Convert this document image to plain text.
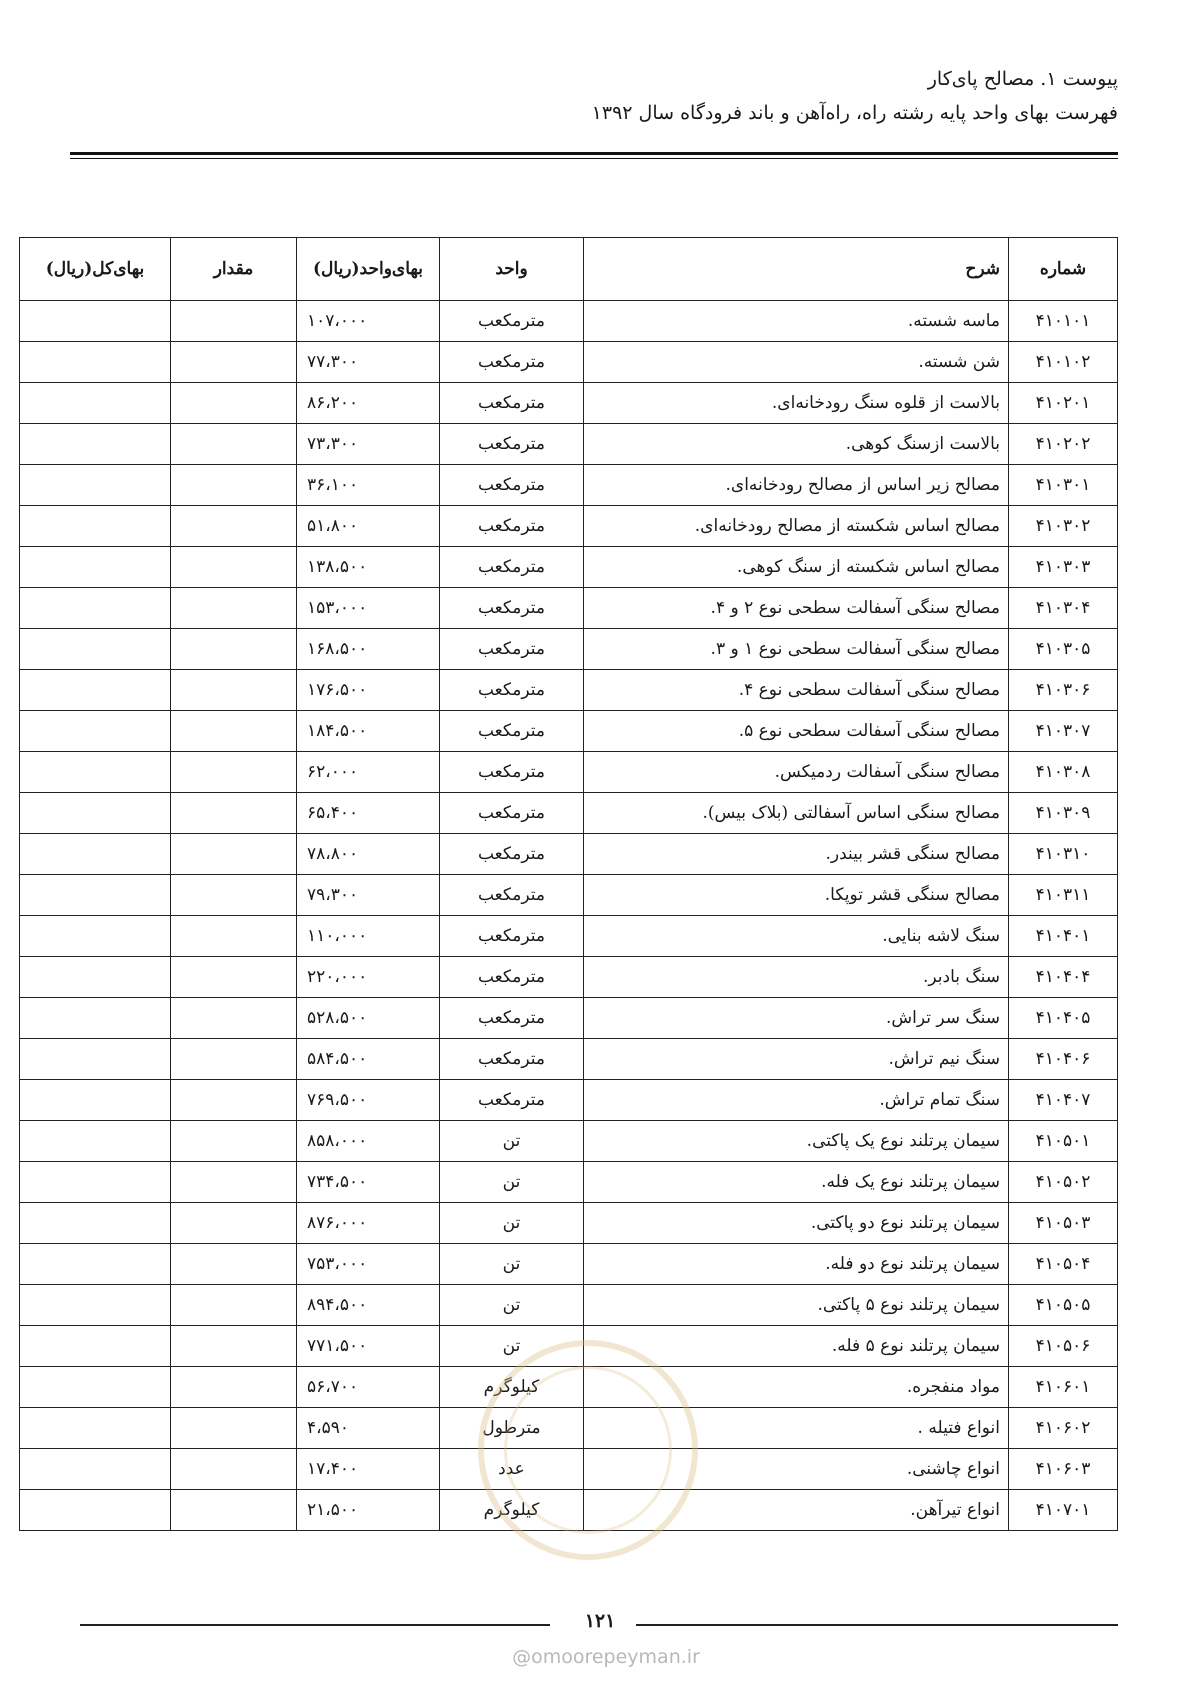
پیوست ۱. مصالح پای‌کار
فهرست بهای واحد پایه رشته راه، راه‌آهن و باند فرودگاه سال ۱۳۹۲
شماره	شرح	واحد	بهای‌واحد(ریال)	مقدار	بهای‌کل(ریال)
۴۱۰۱۰۱	ماسه شسته.	مترمکعب	۱۰۷،۰۰۰		
۴۱۰۱۰۲	شن شسته.	مترمکعب	۷۷،۳۰۰		
۴۱۰۲۰۱	بالاست از قلوه سنگ رودخانه‌ای.	مترمکعب	۸۶،۲۰۰		
۴۱۰۲۰۲	بالاست ازسنگ کوهی.	مترمکعب	۷۳،۳۰۰		
۴۱۰۳۰۱	مصالح زیر اساس از مصالح رودخانه‌ای.	مترمکعب	۳۶،۱۰۰		
۴۱۰۳۰۲	مصالح اساس شکسته از مصالح رودخانه‌ای.	مترمکعب	۵۱،۸۰۰		
۴۱۰۳۰۳	مصالح اساس شکسته از سنگ کوهی.	مترمکعب	۱۳۸،۵۰۰		
۴۱۰۳۰۴	مصالح سنگی آسفالت سطحی نوع ۲ و ۴.	مترمکعب	۱۵۳،۰۰۰		
۴۱۰۳۰۵	مصالح سنگی آسفالت سطحی نوع ۱ و ۳.	مترمکعب	۱۶۸،۵۰۰		
۴۱۰۳۰۶	مصالح سنگی آسفالت سطحی نوع ۴.	مترمکعب	۱۷۶،۵۰۰		
۴۱۰۳۰۷	مصالح سنگی آسفالت سطحی نوع ۵.	مترمکعب	۱۸۴،۵۰۰		
۴۱۰۳۰۸	مصالح سنگی آسفالت ردمیکس.	مترمکعب	۶۲،۰۰۰		
۴۱۰۳۰۹	مصالح سنگی اساس آسفالتی (بلاک بیس).	مترمکعب	۶۵،۴۰۰		
۴۱۰۳۱۰	مصالح سنگی قشر بیندر.	مترمکعب	۷۸،۸۰۰		
۴۱۰۳۱۱	مصالح سنگی قشر توپکا.	مترمکعب	۷۹،۳۰۰		
۴۱۰۴۰۱	سنگ لاشه بنایی.	مترمکعب	۱۱۰،۰۰۰		
۴۱۰۴۰۴	سنگ بادبر.	مترمکعب	۲۲۰،۰۰۰		
۴۱۰۴۰۵	سنگ سر تراش.	مترمکعب	۵۲۸،۵۰۰		
۴۱۰۴۰۶	سنگ نیم تراش.	مترمکعب	۵۸۴،۵۰۰		
۴۱۰۴۰۷	سنگ تمام تراش.	مترمکعب	۷۶۹،۵۰۰		
۴۱۰۵۰۱	سیمان پرتلند نوع یک پاکتی.	تن	۸۵۸،۰۰۰		
۴۱۰۵۰۲	سیمان پرتلند نوع یک فله.	تن	۷۳۴،۵۰۰		
۴۱۰۵۰۳	سیمان پرتلند نوع دو پاکتی.	تن	۸۷۶،۰۰۰		
۴۱۰۵۰۴	سیمان پرتلند نوع دو فله.	تن	۷۵۳،۰۰۰		
۴۱۰۵۰۵	سیمان پرتلند نوع ۵ پاکتی.	تن	۸۹۴،۵۰۰		
۴۱۰۵۰۶	سیمان پرتلند نوع ۵ فله.	تن	۷۷۱،۵۰۰		
۴۱۰۶۰۱	مواد منفجره.	کیلوگرم	۵۶،۷۰۰		
۴۱۰۶۰۲	انواع فتیله .	مترطول	۴،۵۹۰		
۴۱۰۶۰۳	انواع چاشنی.	عدد	۱۷،۴۰۰		
۴۱۰۷۰۱	انواع تیرآهن.	کیلوگرم	۲۱،۵۰۰		
۱۲۱
@omoorepeyman.ir
